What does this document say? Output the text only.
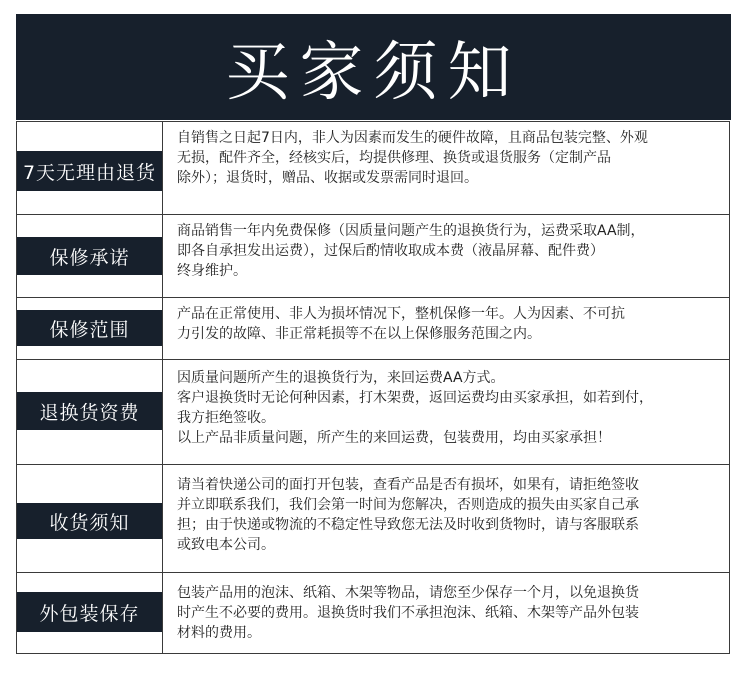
买家须知
7天无理由退货

自销售之日起7日内，非人为因素而发生的硬件故障，且商品包装完整、外观

无损，配件齐全，经核实后，均提供修理、换货或退货服务（定制产品

除外）；退货时，赠品、收据或发票需同时退回。

保修承诺

商品销售一年内免费保修（因质量问题产生的退换货行为，运费采取AA制，

即各自承担发出运费），过保后酌情收取成本费（液晶屏幕、配件费）

终身维护。

保修范围

产品在正常使用、非人为损坏情况下，整机保修一年。人为因素、不可抗

力引发的故障、非正常耗损等不在以上保修服务范围之内。

退换货资费

因质量问题所产生的退换货行为，来回运费AA方式。

客户退换货时无论何种因素，打木架费，返回运费均由买家承担，如若到付，

我方拒绝签收。

以上产品非质量问题，所产生的来回运费，包装费用，均由买家承担！

收货须知

请当着快递公司的面打开包装，查看产品是否有损坏，如果有，请拒绝签收

并立即联系我们，我们会第一时间为您解决，否则造成的损失由买家自己承

担；由于快递或物流的不稳定性导致您无法及时收到货物时，请与客服联系

或致电本公司。

外包装保存

包装产品用的泡沫、纸箱、木架等物品，请您至少保存一个月，以免退换货

时产生不必要的费用。退换货时我们不承担泡沫、纸箱、木架等产品外包装

材料的费用。
